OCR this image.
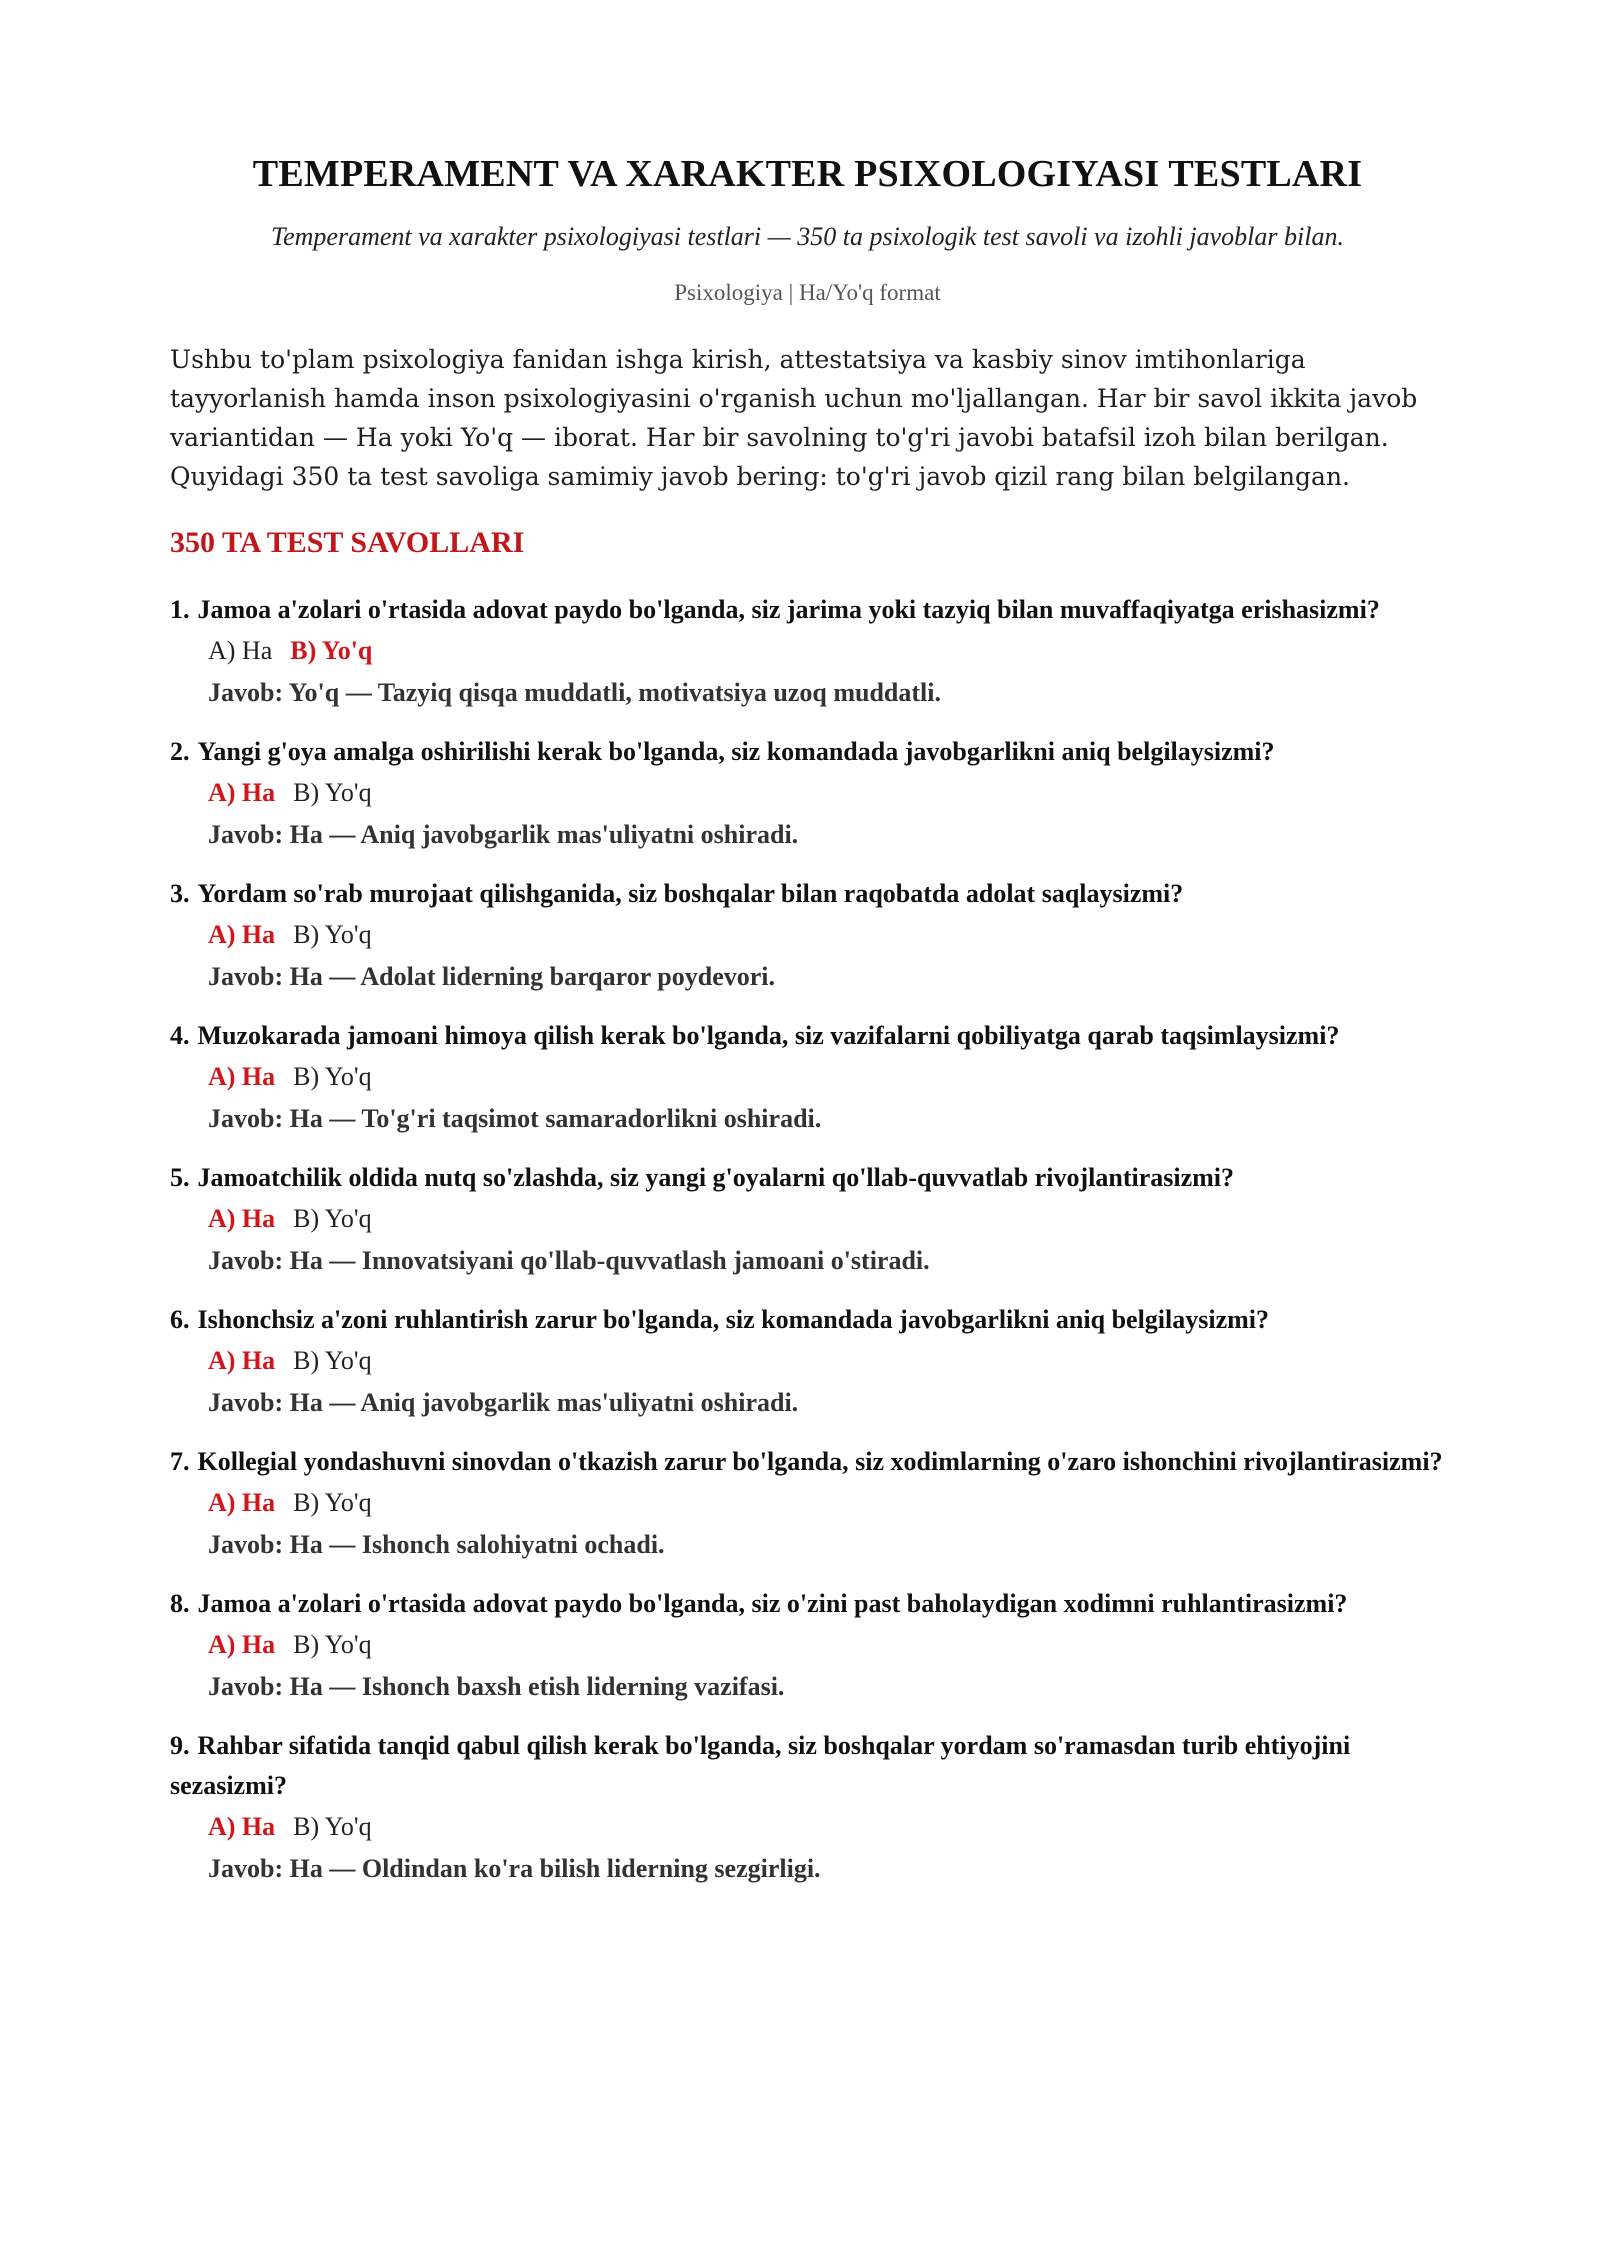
TEMPERAMENT VA XARAKTER PSIXOLOGIYASI TESTLARI

Temperament va xarakter psixologiyasi testlari — 350 ta psixologik test savoli va izohli javoblar bilan.

Psixologiya | Ha/Yo'q format

Ushbu to'plam psixologiya fanidan ishga kirish, attestatsiya va kasbiy sinov imtihonlariga tayyorlanish hamda inson psixologiyasini o'rganish uchun mo'ljallangan. Har bir savol ikkita javob variantidan — Ha yoki Yo'q — iborat. Har bir savolning to'g'ri javobi batafsil izoh bilan berilgan. Quyidagi 350 ta test savoliga samimiy javob bering: to'g'ri javob qizil rang bilan belgilangan.

350 TA TEST SAVOLLARI
1. Jamoa a'zolari o'rtasida adovat paydo bo'lganda, siz jarima yoki tazyiq bilan muvaffaqiyatga erishasizmi?
A) Ha B) Yo'q
Javob: Yo'q — Tazyiq qisqa muddatli, motivatsiya uzoq muddatli.
2. Yangi g'oya amalga oshirilishi kerak bo'lganda, siz komandada javobgarlikni aniq belgilaysizmi?
A) Ha B) Yo'q
Javob: Ha — Aniq javobgarlik mas'uliyatni oshiradi.
3. Yordam so'rab murojaat qilishganida, siz boshqalar bilan raqobatda adolat saqlaysizmi?
A) Ha B) Yo'q
Javob: Ha — Adolat liderning barqaror poydevori.
4. Muzokarada jamoani himoya qilish kerak bo'lganda, siz vazifalarni qobiliyatga qarab taqsimlaysizmi?
A) Ha B) Yo'q
Javob: Ha — To'g'ri taqsimot samaradorlikni oshiradi.
5. Jamoatchilik oldida nutq so'zlashda, siz yangi g'oyalarni qo'llab-quvvatlab rivojlantirasizmi?
A) Ha B) Yo'q
Javob: Ha — Innovatsiyani qo'llab-quvvatlash jamoani o'stiradi.
6. Ishonchsiz a'zoni ruhlantirish zarur bo'lganda, siz komandada javobgarlikni aniq belgilaysizmi?
A) Ha B) Yo'q
Javob: Ha — Aniq javobgarlik mas'uliyatni oshiradi.
7. Kollegial yondashuvni sinovdan o'tkazish zarur bo'lganda, siz xodimlarning o'zaro ishonchini rivojlantirasizmi?
A) Ha B) Yo'q
Javob: Ha — Ishonch salohiyatni ochadi.
8. Jamoa a'zolari o'rtasida adovat paydo bo'lganda, siz o'zini past baholaydigan xodimni ruhlantirasizmi?
A) Ha B) Yo'q
Javob: Ha — Ishonch baxsh etish liderning vazifasi.
9. Rahbar sifatida tanqid qabul qilish kerak bo'lganda, siz boshqalar yordam so'ramasdan turib ehtiyojini sezasizmi?
A) Ha B) Yo'q
Javob: Ha — Oldindan ko'ra bilish liderning sezgirligi.
